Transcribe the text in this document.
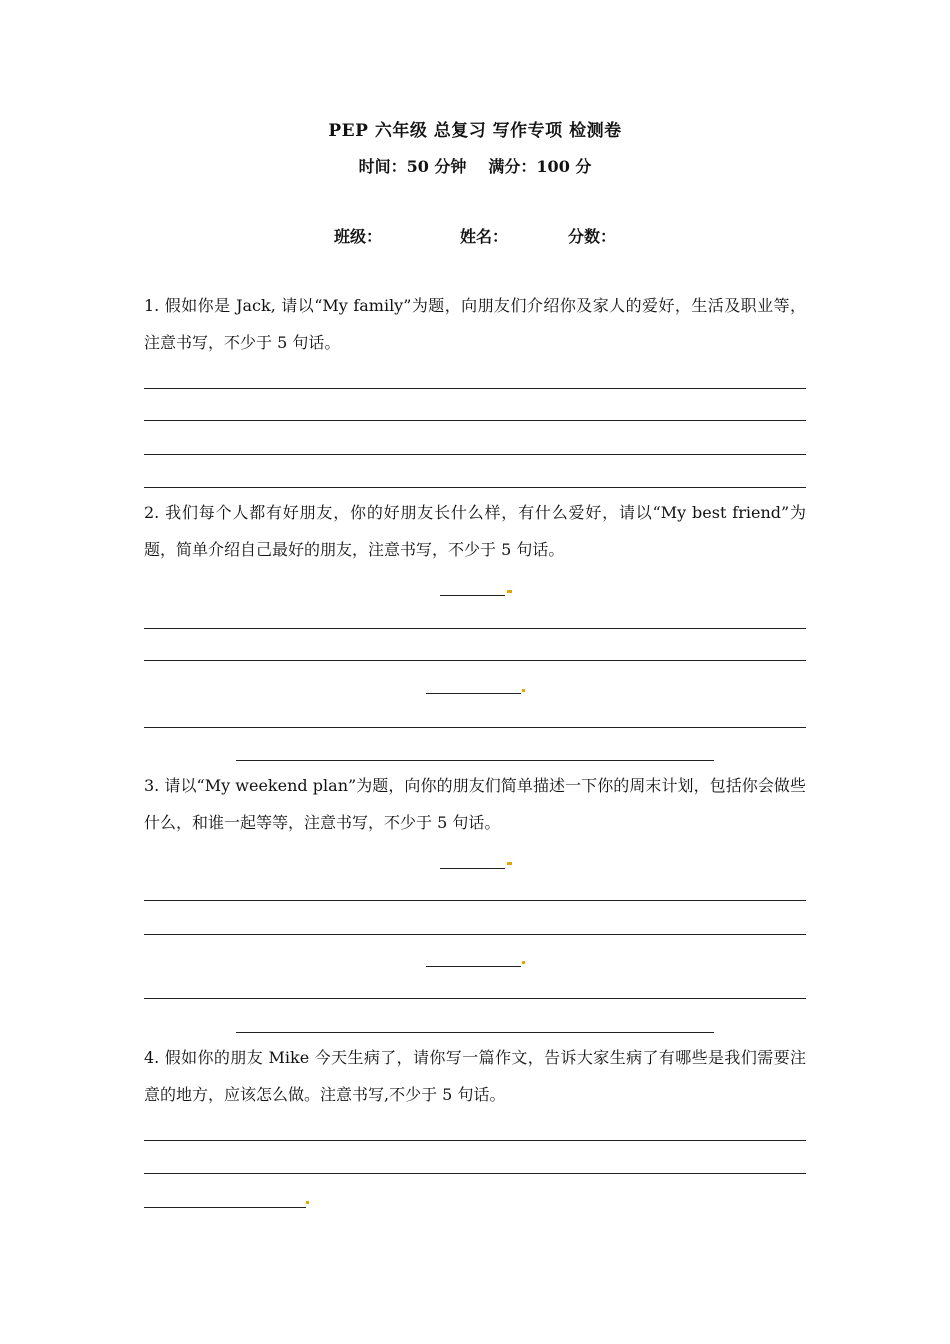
PEP 六年级 总复习 写作专项 检测卷
时间：50 分钟 满分：100 分
班级：	姓名：	分数：
1. 假如你是 Jack, 请以“My family”为题，向朋友们介绍你及家人的爱好，生活及职业等，注意书写，不少于 5 句话。
2. 我们每个人都有好朋友，你的好朋友长什么样，有什么爱好，请以“My best friend”为题，简单介绍自己最好的朋友，注意书写，不少于 5 句话。
3. 请以“My weekend plan”为题，向你的朋友们简单描述一下你的周末计划，包括你会做些什么，和谁一起等等，注意书写，不少于 5 句话。
4. 假如你的朋友 Mike 今天生病了，请你写一篇作文，告诉大家生病了有哪些是我们需要注意的地方，应该怎么做。注意书写,不少于 5 句话。
